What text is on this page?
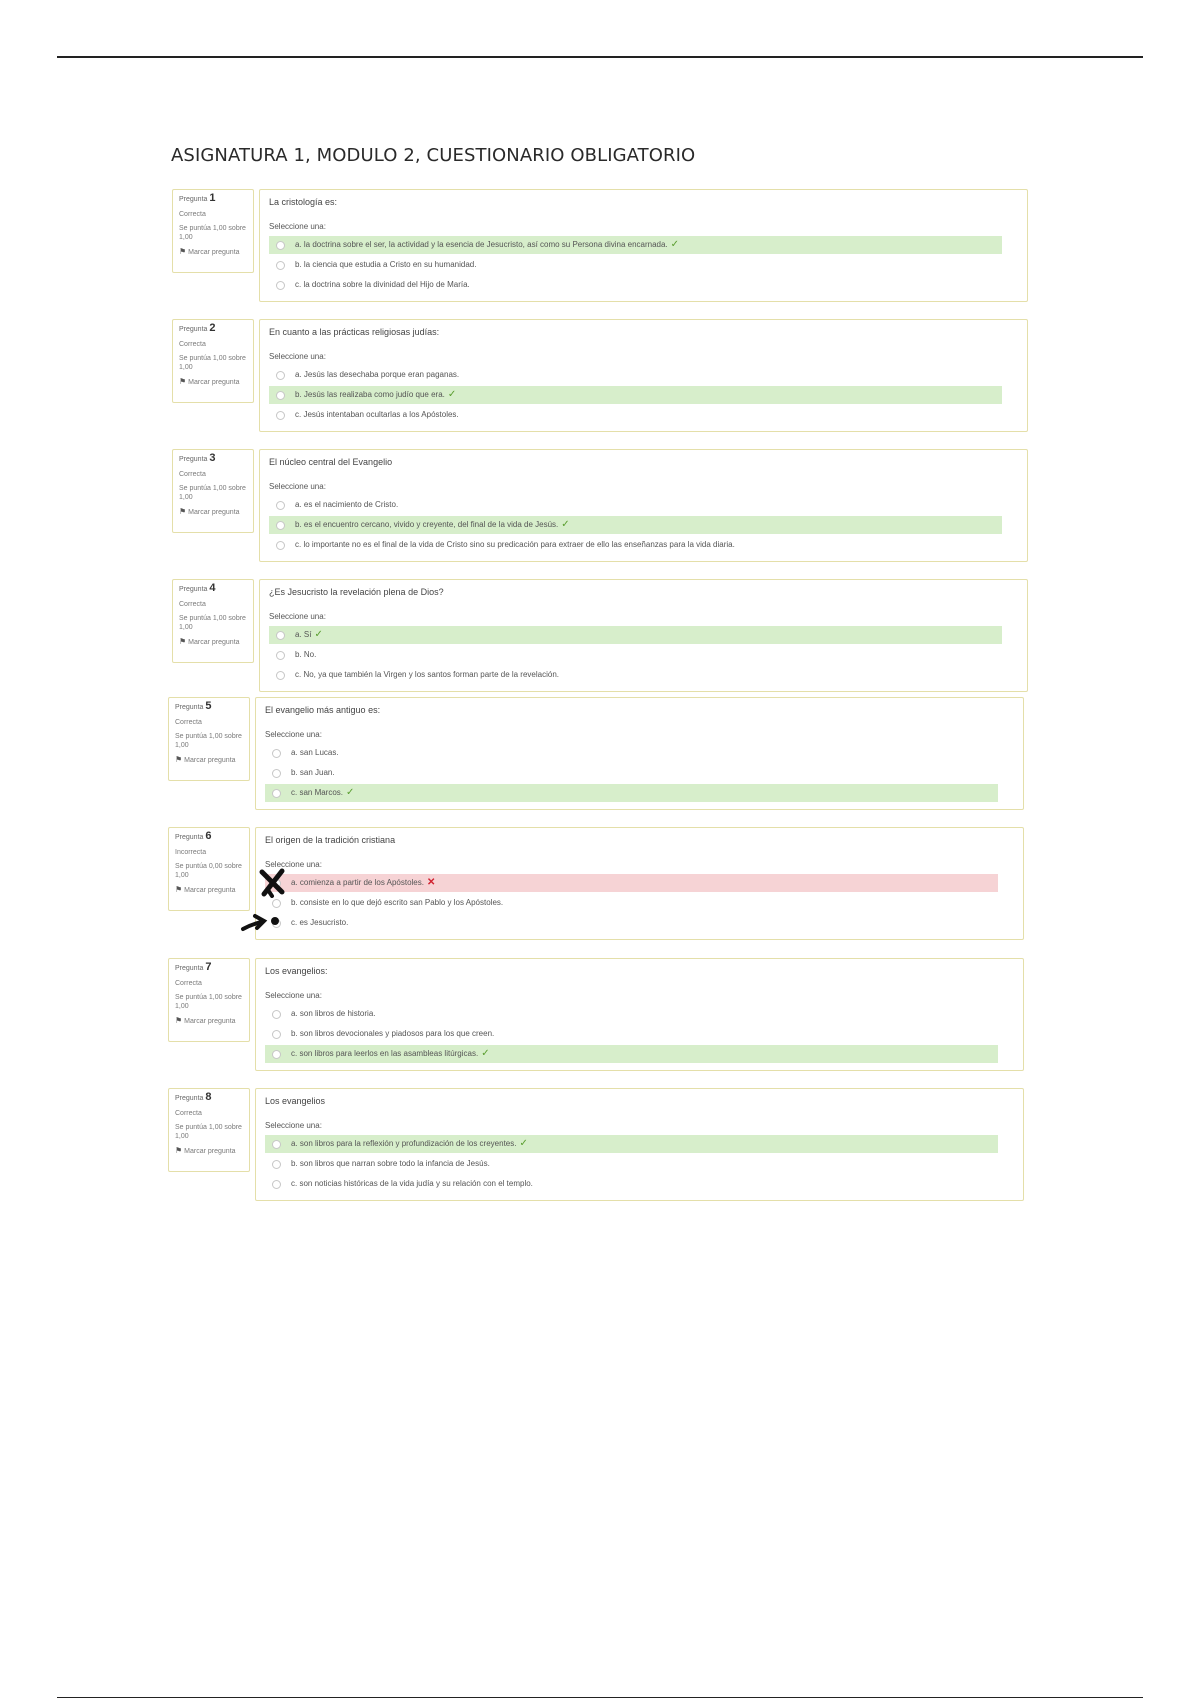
ASIGNATURA 1, MODULO 2, CUESTIONARIO OBLIGATORIO
Pregunta 1
Correcta
Se puntúa 1,00 sobre 1,00
⚑ Marcar pregunta
La cristología es:
Seleccione una:
a. la doctrina sobre el ser, la actividad y la esencia de Jesucristo, así como su Persona divina encarnada. ✓
b. la ciencia que estudia a Cristo en su humanidad.
c. la doctrina sobre la divinidad del Hijo de María.
Pregunta 2
Correcta
Se puntúa 1,00 sobre 1,00
⚑ Marcar pregunta
En cuanto a las prácticas religiosas judías:
Seleccione una:
a. Jesús las desechaba porque eran paganas.
b. Jesús las realizaba como judío que era. ✓
c. Jesús intentaban ocultarlas a los Apóstoles.
Pregunta 3
Correcta
Se puntúa 1,00 sobre 1,00
⚑ Marcar pregunta
El núcleo central del Evangelio
Seleccione una:
a. es el nacimiento de Cristo.
b. es el encuentro cercano, vivido y creyente, del final de la vida de Jesús. ✓
c. lo importante no es el final de la vida de Cristo sino su predicación para extraer de ello las enseñanzas para la vida diaria.
Pregunta 4
Correcta
Se puntúa 1,00 sobre 1,00
⚑ Marcar pregunta
¿Es Jesucristo la revelación plena de Dios?
Seleccione una:
a. Sí ✓
b. No.
c. No, ya que también la Virgen y los santos forman parte de la revelación.
Pregunta 5
Correcta
Se puntúa 1,00 sobre 1,00
⚑ Marcar pregunta
El evangelio más antiguo es:
Seleccione una:
a. san Lucas.
b. san Juan.
c. san Marcos. ✓
Pregunta 6
Incorrecta
Se puntúa 0,00 sobre 1,00
⚑ Marcar pregunta
El origen de la tradición cristiana
Seleccione una:
a. comienza a partir de los Apóstoles. ✕
b. consiste en lo que dejó escrito san Pablo y los Apóstoles.
c. es Jesucristo.
Pregunta 7
Correcta
Se puntúa 1,00 sobre 1,00
⚑ Marcar pregunta
Los evangelios:
Seleccione una:
a. son libros de historia.
b. son libros devocionales y piadosos para los que creen.
c. son libros para leerlos en las asambleas litúrgicas. ✓
Pregunta 8
Correcta
Se puntúa 1,00 sobre 1,00
⚑ Marcar pregunta
Los evangelios
Seleccione una:
a. son libros para la reflexión y profundización de los creyentes. ✓
b. son libros que narran sobre todo la infancia de Jesús.
c. son noticias históricas de la vida judía y su relación con el templo.
